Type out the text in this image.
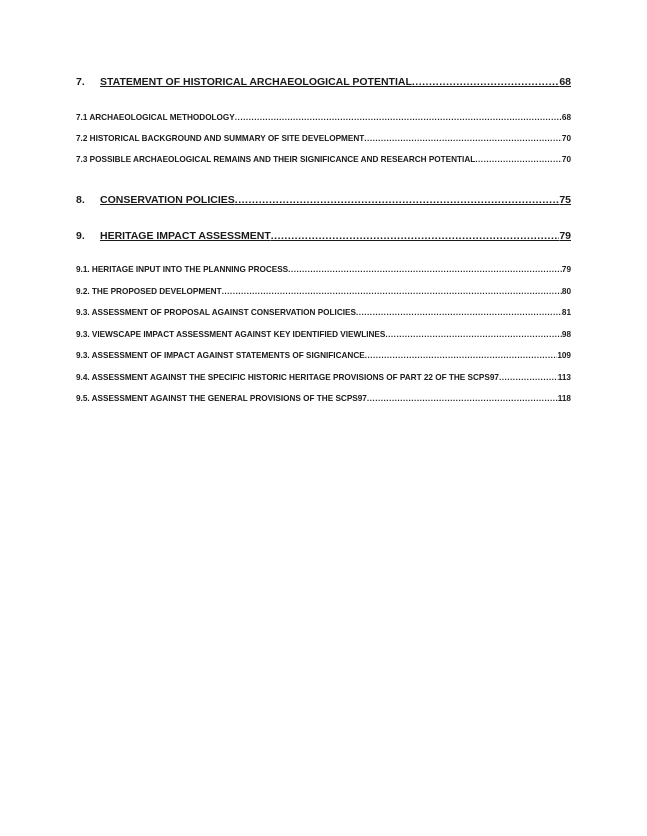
7. STATEMENT OF HISTORICAL ARCHAEOLOGICAL POTENTIAL .....	68
7.1 ARCHAEOLOGICAL METHODOLOGY .....	68
7.2 HISTORICAL BACKGROUND AND SUMMARY OF SITE DEVELOPMENT .....	70
7.3 POSSIBLE ARCHAEOLOGICAL REMAINS AND THEIR SIGNIFICANCE AND RESEARCH POTENTIAL .....	70
8. CONSERVATION POLICIES .....	75
9. HERITAGE IMPACT ASSESSMENT .....	79
9.1. HERITAGE INPUT INTO THE PLANNING PROCESS .....	79
9.2. THE PROPOSED DEVELOPMENT .....	80
9.3. ASSESSMENT OF PROPOSAL AGAINST CONSERVATION POLICIES .....	81
9.3. VIEWSCAPE IMPACT ASSESSMENT AGAINST KEY IDENTIFIED VIEWLINES .....	98
9.3. ASSESSMENT OF IMPACT AGAINST STATEMENTS OF SIGNIFICANCE .....	109
9.4. ASSESSMENT AGAINST THE SPECIFIC HISTORIC HERITAGE PROVISIONS OF PART 22 OF THE SCPS97 .....	113
9.5. ASSESSMENT AGAINST THE GENERAL PROVISIONS OF THE SCPS97 .....	118
